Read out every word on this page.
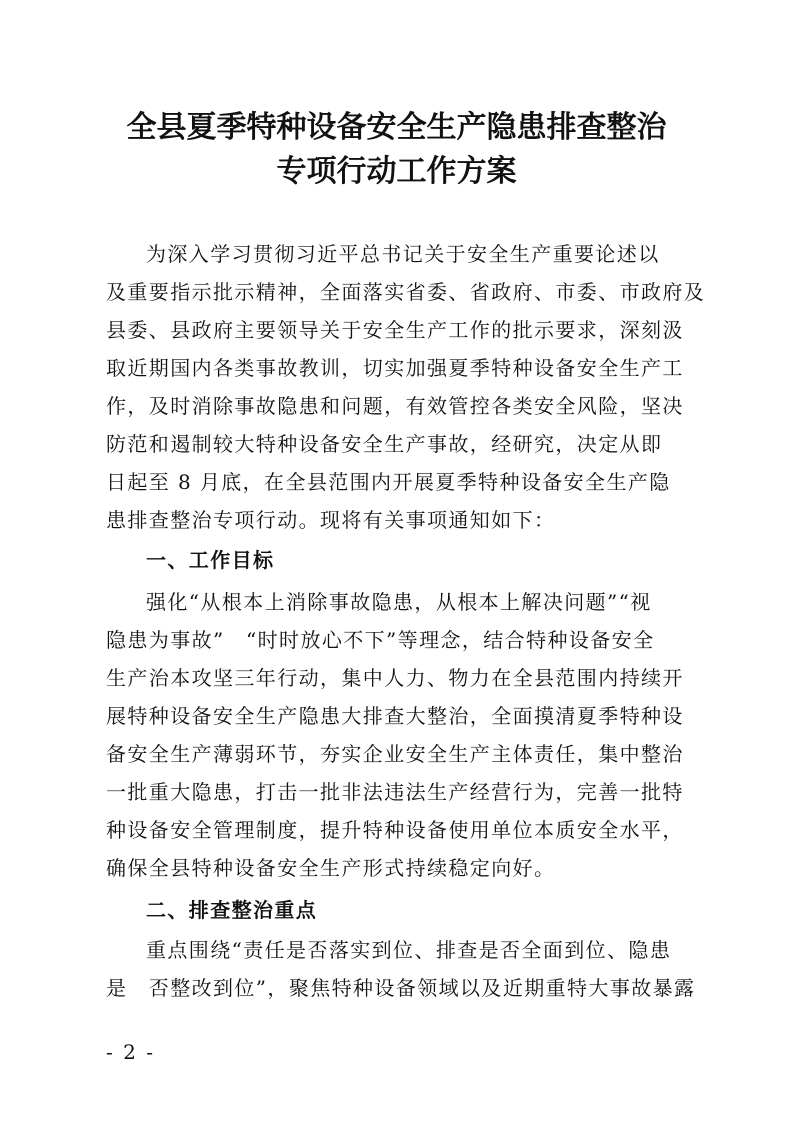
全县夏季特种设备安全生产隐患排查整治
专项行动工作方案

为深入学习贯彻习近平总书记关于安全生产重要论述以

及重要指示批示精神，全面落实省委、省政府、市委、市政府及

县委、县政府主要领导关于安全生产工作的批示要求，深刻汲

取近期国内各类事故教训，切实加强夏季特种设备安全生产工

作，及时消除事故隐患和问题，有效管控各类安全风险，坚决

防范和遏制较大特种设备安全生产事故，经研究，决定从即

日起至 8 月底，在全县范围内开展夏季特种设备安全生产隐

患排查整治专项行动。现将有关事项通知如下：

一、工作目标

强化“从根本上消除事故隐患，从根本上解决问题”“视

隐患为事故”　“时时放心不下”等理念，结合特种设备安全

生产治本攻坚三年行动，集中人力、物力在全县范围内持续开

展特种设备安全生产隐患大排查大整治，全面摸清夏季特种设

备安全生产薄弱环节，夯实企业安全生产主体责任，集中整治

一批重大隐患，打击一批非法违法生产经营行为，完善一批特

种设备安全管理制度，提升特种设备使用单位本质安全水平，

确保全县特种设备安全生产形式持续稳定向好。

二、排查整治重点

重点围绕“责任是否落实到位、排查是否全面到位、隐患

是　否整改到位”，聚焦特种设备领域以及近期重特大事故暴露

- 2 -
